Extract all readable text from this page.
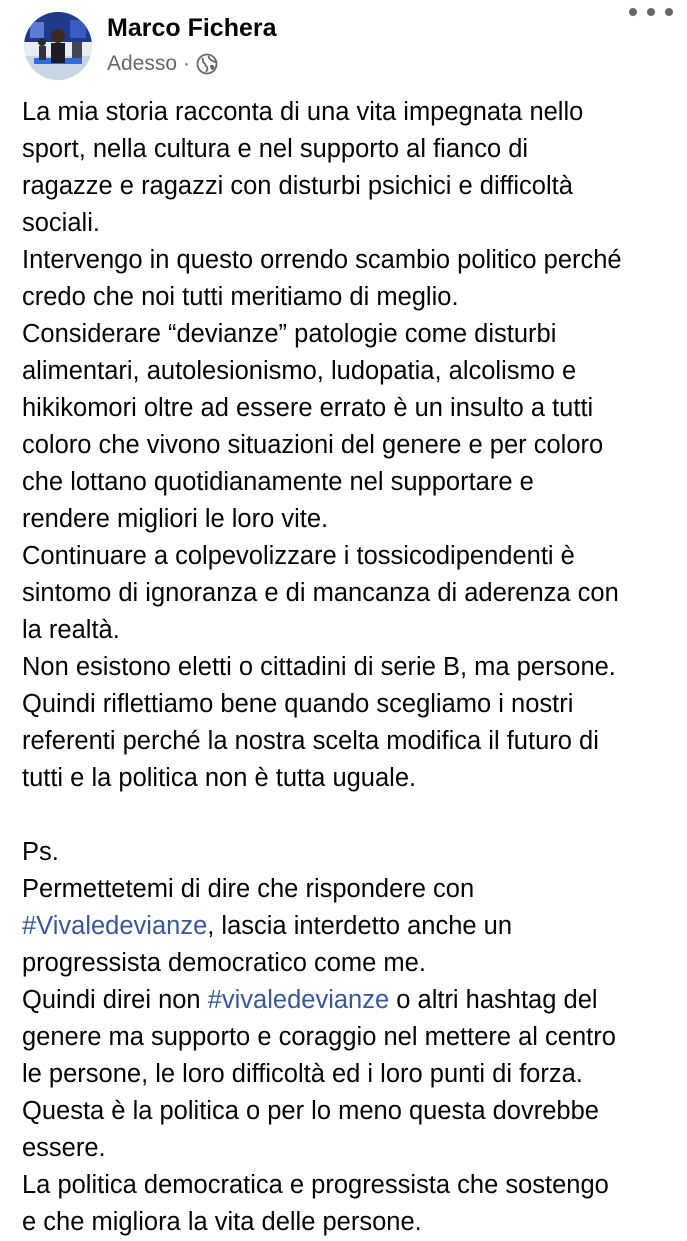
Marco Fichera
Adesso ·
La mia storia racconta di una vita impegnata nello
sport, nella cultura e nel supporto al fianco di
ragazze e ragazzi con disturbi psichici e difficoltà
sociali.
Intervengo in questo orrendo scambio politico perché
credo che noi tutti meritiamo di meglio.
Considerare “devianze” patologie come disturbi
alimentari, autolesionismo, ludopatia, alcolismo e
hikikomori oltre ad essere errato è un insulto a tutti
coloro che vivono situazioni del genere e per coloro
che lottano quotidianamente nel supportare e
rendere migliori le loro vite.
Continuare a colpevolizzare i tossicodipendenti è
sintomo di ignoranza e di mancanza di aderenza con
la realtà.
Non esistono eletti o cittadini di serie B, ma persone.
Quindi riflettiamo bene quando scegliamo i nostri
referenti perché la nostra scelta modifica il futuro di
tutti e la politica non è tutta uguale.
Ps.
Permettetemi di dire che rispondere con
#Vivaledevianze, lascia interdetto anche un
progressista democratico come me.
Quindi direi non #vivaledevianze o altri hashtag del
genere ma supporto e coraggio nel mettere al centro
le persone, le loro difficoltà ed i loro punti di forza.
Questa è la politica o per lo meno questa dovrebbe
essere.
La politica democratica e progressista che sostengo
e che migliora la vita delle persone.
